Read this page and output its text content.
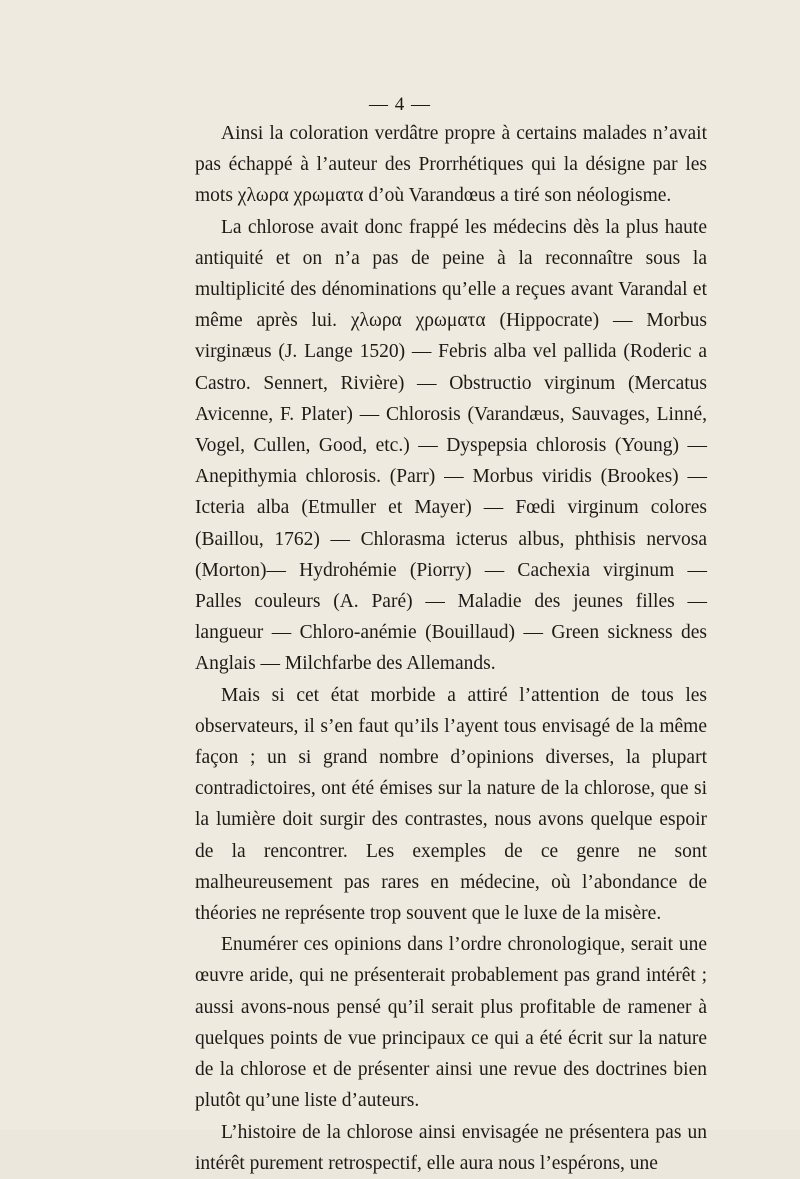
— 4 —

Ainsi la coloration verdâtre propre à certains malades n’avait pas échappé à l’auteur des Prorrhétiques qui la désigne par les mots χλωρα χρωματα d’où Varandœus a tiré son néologisme.

La chlorose avait donc frappé les médecins dès la plus haute antiquité et on n’a pas de peine à la reconnaître sous la multiplicité des dénominations qu’elle a reçues avant Varandal et même après lui. χλωρα χρωματα (Hippocrate) — Morbus virginæus (J. Lange 1520) — Febris alba vel pallida (Roderic a Castro. Sennert, Rivière) — Obstructio virginum (Mercatus Avicenne, F. Plater) — Chlorosis (Varandæus, Sauvages, Linné, Vogel, Cullen, Good, etc.) — Dyspepsia chlorosis (Young) — Anepithymia chlorosis. (Parr) — Morbus viridis (Brookes) — Icteria alba (Etmuller et Mayer) — Fœdi virginum colores (Baillou, 1762) — Chlorasma icterus albus, phthisis nervosa (Morton)— Hydrohémie (Piorry) — Cachexia virginum — Palles couleurs (A. Paré) — Maladie des jeunes filles — langueur — Chloro-anémie (Bouillaud) — Green sickness des Anglais — Milchfarbe des Allemands.

Mais si cet état morbide a attiré l’attention de tous les observateurs, il s’en faut qu’ils l’ayent tous envisagé de la même façon ; un si grand nombre d’opinions diverses, la plupart contradictoires, ont été émises sur la nature de la chlorose, que si la lumière doit surgir des contrastes, nous avons quelque espoir de la rencontrer. Les exemples de ce genre ne sont malheureusement pas rares en médecine, où l’abondance de théories ne représente trop souvent que le luxe de la misère.

Enumérer ces opinions dans l’ordre chronologique, serait une œuvre aride, qui ne présenterait probablement pas grand intérêt ; aussi avons-nous pensé qu’il serait plus profitable de ramener à quelques points de vue principaux ce qui a été écrit sur la nature de la chlorose et de présenter ainsi une revue des doctrines bien plutôt qu’une liste d’auteurs.

L’histoire de la chlorose ainsi envisagée ne présentera pas un intérêt purement retrospectif, elle aura nous l’espérons, une
